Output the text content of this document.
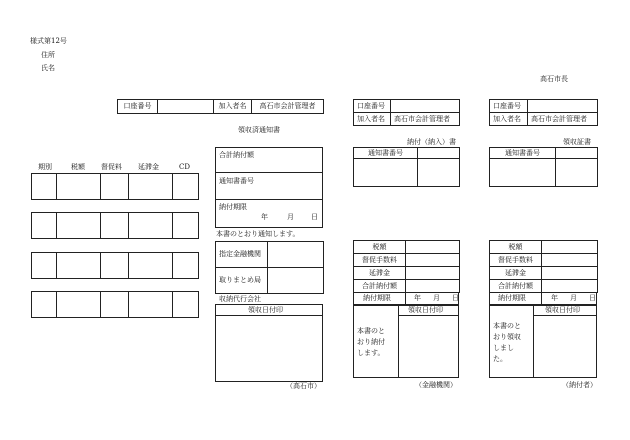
様式第12号
住所
氏名
高石市長
口座番号		加入者名	高石市会計管理者
領収済通知書
合計納付額
通知書番号
納付期限
年	月 日
本書のとおり通知します。
指定金融機関	
取りまとめ局	
収納代行会社
領収日付印
（高石市）
期別	税額 督促料 延滞金	CD

口座番号	
加入者名	高石市会計管理者
納付（納入）書
通知書番号	

税額	
督促手数料	
延滞金	
合計納付額	
納付期限	年 月 日
領収日付印
本書のと
おり納付
します。
（金融機関）
口座番号	
加入者名	高石市会計管理者
領収証書
通知書番号	

税額	
督促手数料	
延滞金	
合計納付額	
納付期限	年 月 日
領収日付印
本書のと
おり領収
しまし
た。
（納付者）
